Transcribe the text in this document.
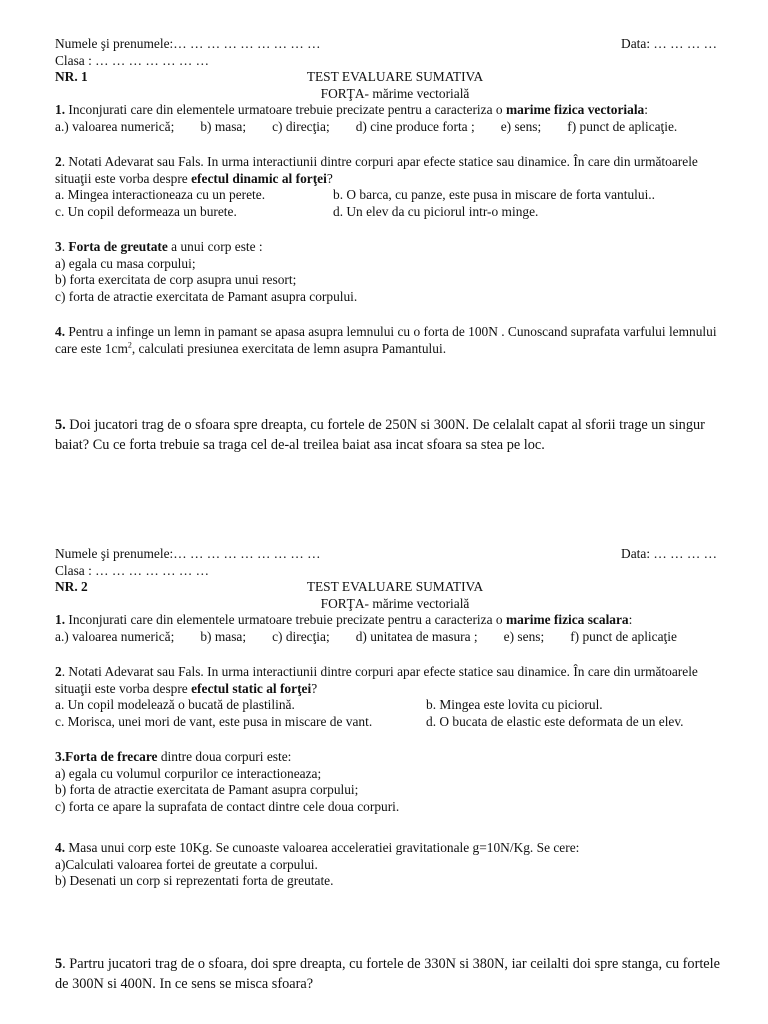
Numele şi prenumele:… … … … … … … … …	Data: … … … …
Clasa : … … … … … … …
NR. 1	TEST EVALUARE SUMATIVA
FORŢA- mărime vectorială
1. Inconjurati care din elementele urmatoare trebuie precizate pentru a caracteriza o marime fizica vectoriala:
a.) valoarea numerică; b) masa; c) direcţia; d) cine produce forta ; e) sens; f) punct de aplicaţie.
2. Notati Adevarat sau Fals. In urma interactiunii dintre corpuri apar efecte statice sau dinamice. În care din următoarele situaţii este vorba despre efectul dinamic al forţei?
a. Mingea interactioneaza cu un perete.	b. O barca, cu panze, este pusa in miscare de forta vantului..
c. Un copil deformeaza un burete.	d. Un elev da cu piciorul intr-o minge.
3. Forta de greutate a unui corp este :
a) egala cu masa corpului;
b) forta exercitata de corp asupra unui resort;
c) forta de atractie exercitata de Pamant asupra corpului.
4. Pentru a infinge un lemn in pamant se apasa asupra lemnului cu o forta de 100N . Cunoscand suprafata varfului lemnului care este $1cm^2$, calculati presiunea exercitata de lemn asupra Pamantului.
5. Doi jucatori trag de o sfoara spre dreapta, cu fortele de 250N si 300N. De celalalt capat al sforii trage un singur baiat? Cu ce forta trebuie sa traga cel de-al treilea baiat asa incat sfoara sa stea pe loc.
Numele şi prenumele:… … … … … … … … …	Data: … … … …
Clasa : … … … … … … …
NR. 2	TEST EVALUARE SUMATIVA
FORŢA- mărime vectorială
1. Inconjurati care din elementele urmatoare trebuie precizate pentru a caracteriza o marime fizica scalara:
a.) valoarea numerică; b) masa; c) direcţia; d) unitatea de masura ; e) sens; f) punct de aplicaţie
2. Notati Adevarat sau Fals. In urma interactiunii dintre corpuri apar efecte statice sau dinamice. În care din următoarele situaţii este vorba despre efectul static al forţei?
a. Un copil modelează o bucată de plastilină.	b. Mingea este lovita cu piciorul.
c. Morisca, unei mori de vant, este pusa in miscare de vant.	d. O bucata de elastic este deformata de un elev.
3.Forta de frecare dintre doua corpuri este:
a) egala cu volumul corpurilor ce interactioneaza;
b) forta de atractie exercitata de Pamant asupra corpului;
c) forta ce apare la suprafata de contact dintre cele doua corpuri.
4. Masa unui corp este 10Kg. Se cunoaste valoarea acceleratiei gravitationale g=10N/Kg. Se cere:
a)Calculati valoarea fortei de greutate a corpului.
b) Desenati un corp si reprezentati forta de greutate.
5. Partru jucatori trag de o sfoara, doi spre dreapta, cu fortele de 330N si 380N, iar ceilalti doi spre stanga, cu fortele de 300N si 400N. In ce sens se misca sfoara?
